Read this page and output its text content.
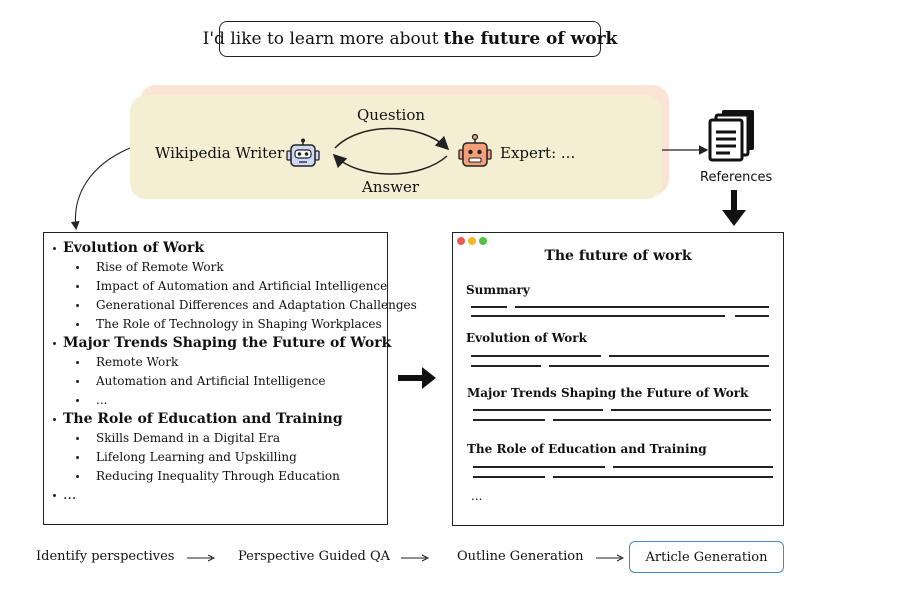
I'd like to learn more about the future of work
Wikipedia Writer	Expert: ...
Question
Answer
References
Evolution of Work
Rise of Remote Work
Impact of Automation and Artificial Intelligence
Generational Differences and Adaptation Challenges
The Role of Technology in Shaping Workplaces
Major Trends Shaping the Future of Work
Remote Work
Automation and Artificial Intelligence
...
The Role of Education and Training
Skills Demand in a Digital Era
Lifelong Learning and Upskilling
Reducing Inequality Through Education
...
The future of work
Summary
Evolution of Work
Major Trends Shaping the Future of Work
The Role of Education and Training
...
Identify perspectives	Perspective Guided QA	Outline Generation	Article Generation
